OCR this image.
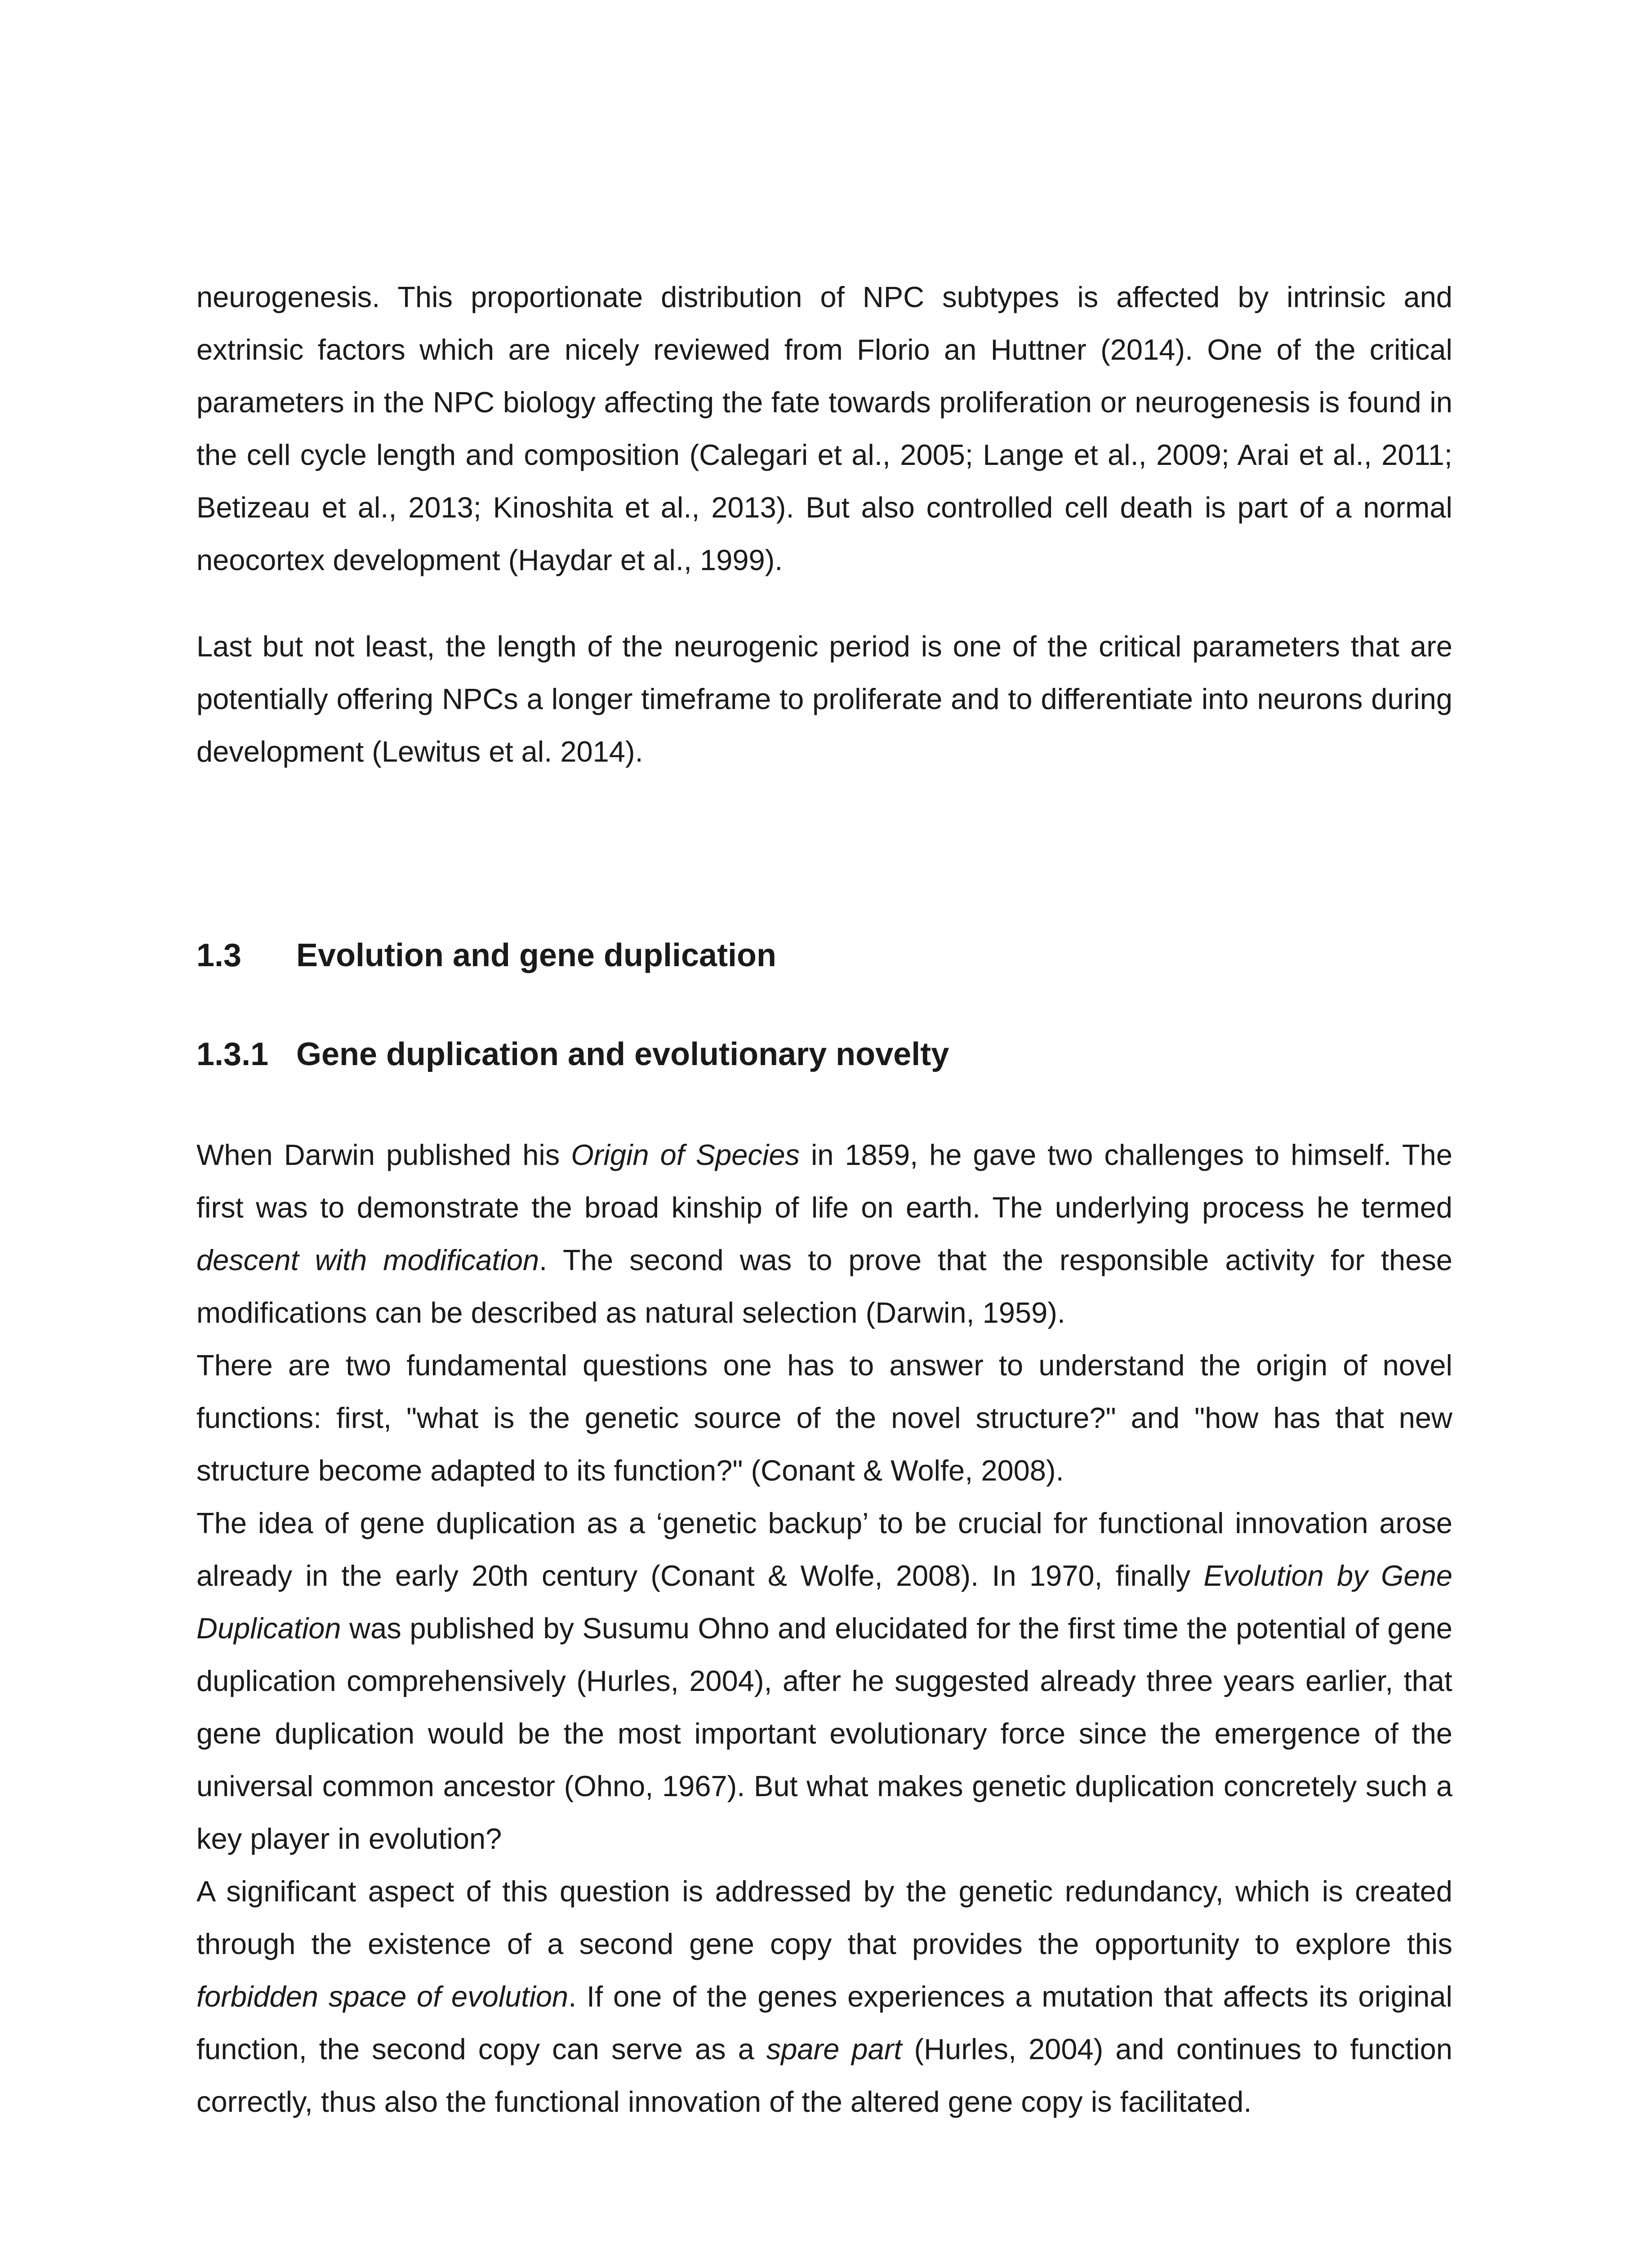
neurogenesis. This proportionate distribution of NPC subtypes is affected by intrinsic and extrinsic factors which are nicely reviewed from Florio an Huttner (2014). One of the critical parameters in the NPC biology affecting the fate towards proliferation or neurogenesis is found in the cell cycle length and composition (Calegari et al., 2005; Lange et al., 2009; Arai et al., 2011; Betizeau et al., 2013; Kinoshita et al., 2013). But also controlled cell death is part of a normal neocortex development (Haydar et al., 1999).

Last but not least, the length of the neurogenic period is one of the critical parameters that are potentially offering NPCs a longer timeframe to proliferate and to differentiate into neurons during development (Lewitus et al. 2014).

1.3 Evolution and gene duplication
1.3.1 Gene duplication and evolutionary novelty

When Darwin published his Origin of Species in 1859, he gave two challenges to himself. The first was to demonstrate the broad kinship of life on earth. The underlying process he termed descent with modification. The second was to prove that the responsible activity for these modifications can be described as natural selection (Darwin, 1959).

There are two fundamental questions one has to answer to understand the origin of novel functions: first, "what is the genetic source of the novel structure?" and "how has that new structure become adapted to its function?" (Conant & Wolfe, 2008).

The idea of gene duplication as a ‘genetic backup’ to be crucial for functional innovation arose already in the early 20th century (Conant & Wolfe, 2008). In 1970, finally Evolution by Gene Duplication was published by Susumu Ohno and elucidated for the first time the potential of gene duplication comprehensively (Hurles, 2004), after he suggested already three years earlier, that gene duplication would be the most important evolutionary force since the emergence of the universal common ancestor (Ohno, 1967). But what makes genetic duplication concretely such a key player in evolution?

A significant aspect of this question is addressed by the genetic redundancy, which is created through the existence of a second gene copy that provides the opportunity to explore this forbidden space of evolution. If one of the genes experiences a mutation that affects its original function, the second copy can serve as a spare part (Hurles, 2004) and continues to function correctly, thus also the functional innovation of the altered gene copy is facilitated.
